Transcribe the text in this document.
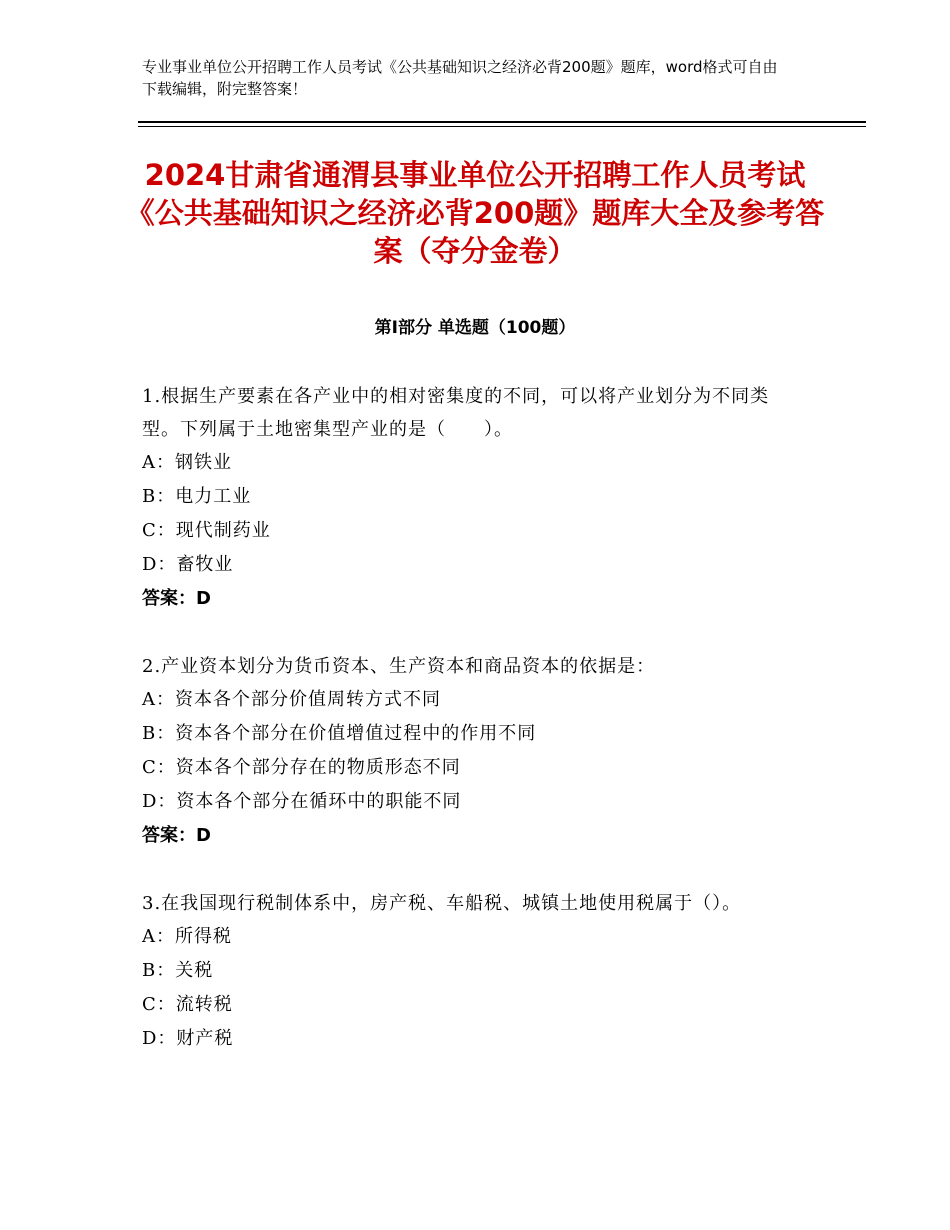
专业事业单位公开招聘工作人员考试《公共基础知识之经济必背200题》题库，word格式可自由下载编辑，附完整答案！
2024甘肃省通渭县事业单位公开招聘工作人员考试《公共基础知识之经济必背200题》题库大全及参考答案（夺分金卷）
第I部分 单选题（100题）
1.根据生产要素在各产业中的相对密集度的不同，可以将产业划分为不同类型。下列属于土地密集型产业的是（　　）。
A：钢铁业
B：电力工业
C：现代制药业
D：畜牧业
答案：D
2.产业资本划分为货币资本、生产资本和商品资本的依据是：
A：资本各个部分价值周转方式不同
B：资本各个部分在价值增值过程中的作用不同
C：资本各个部分存在的物质形态不同
D：资本各个部分在循环中的职能不同
答案：D
3.在我国现行税制体系中，房产税、车船税、城镇土地使用税属于（）。
A：所得税
B：关税
C：流转税
D：财产税
